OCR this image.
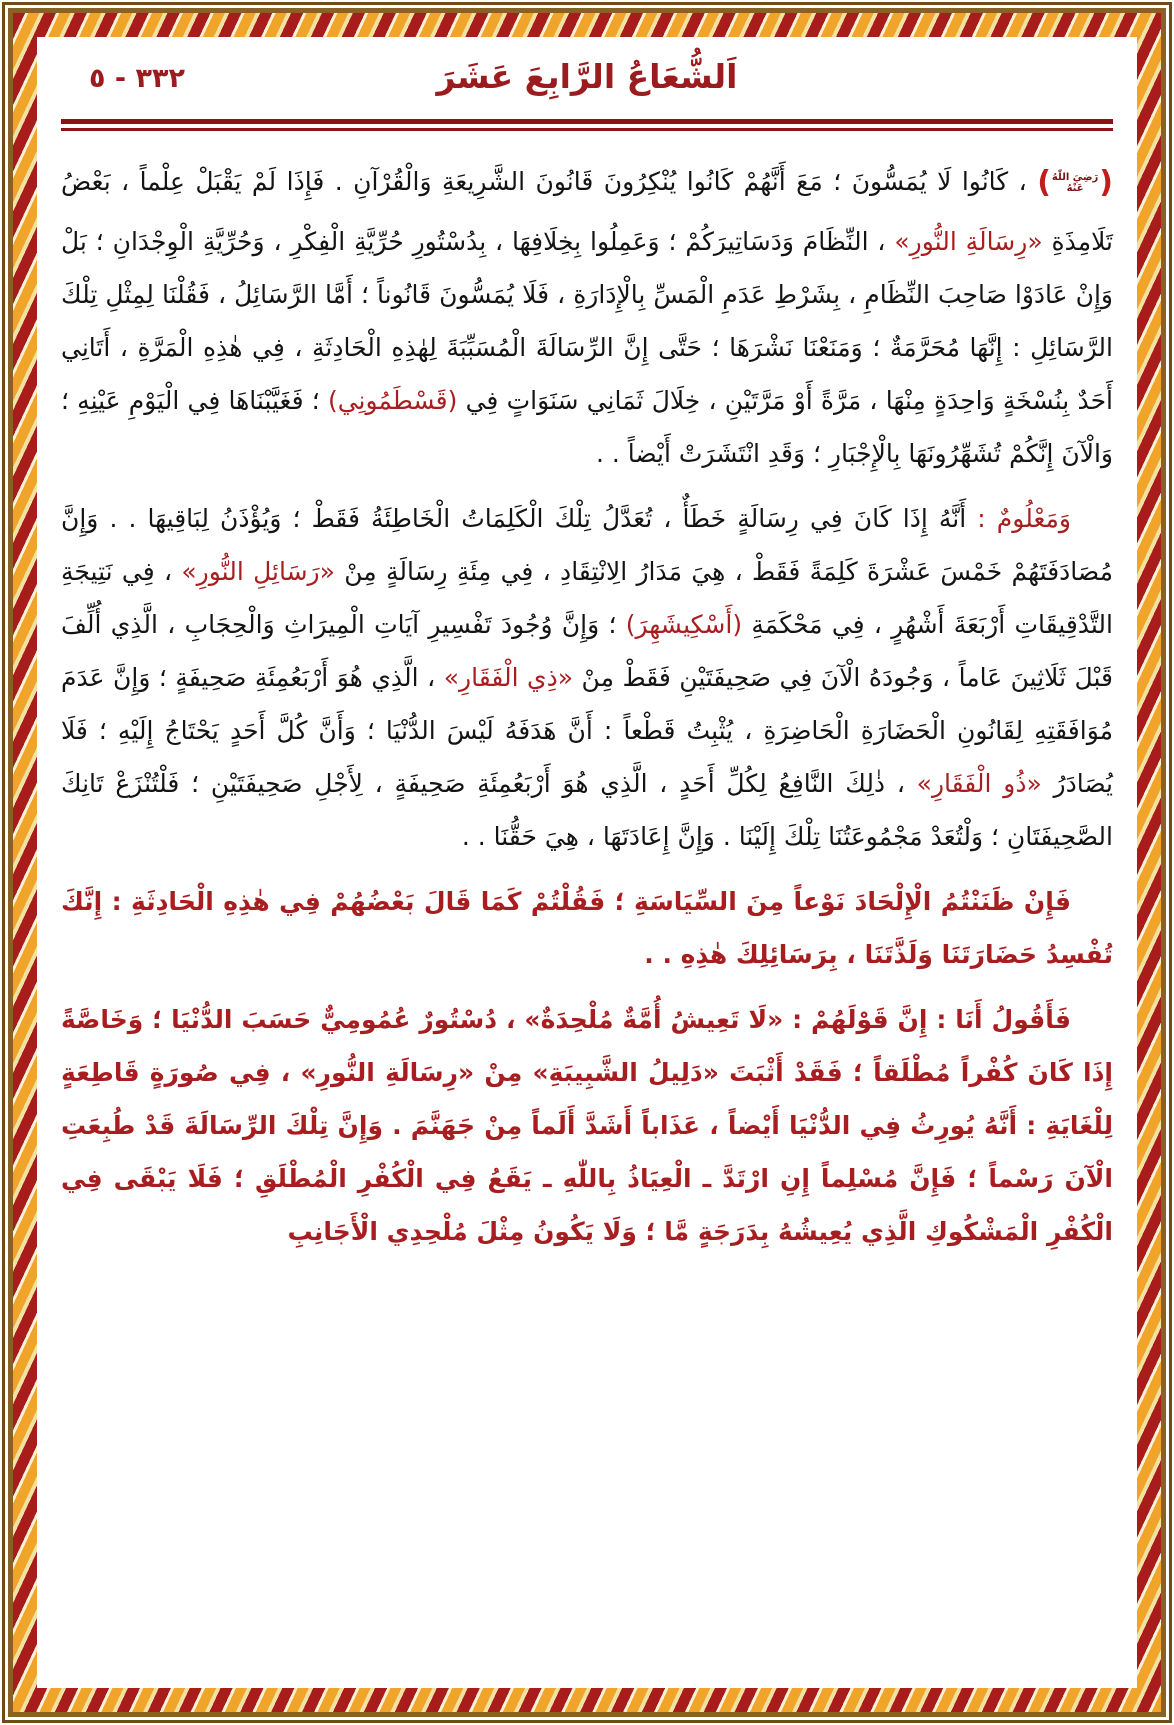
اَلشُّعَاعُ الرَّابِعَ عَشَرَ
٣٣٢ - ٥

(
رَضِيَ اللّٰهُ
عَنْهُ
) ، كَانُوا لَا يُمَسُّونَ ؛ مَعَ أَنَّهُمْ كَانُوا يُنْكِرُونَ قَانُونَ الشَّرِيعَةِ وَالْقُرْآنِ . فَإِذَا لَمْ يَقْبَلْ عِلْماً ، بَعْضُ تَلَامِذَةِ «رِسَالَةِ النُّورِ» ، النِّظَامَ وَدَسَاتِيرَكُمْ ؛ وَعَمِلُوا بِخِلَافِهَا ، بِدُسْتُورِ حُرِّيَّةِ الْفِكْرِ ، وَحُرِّيَّةِ الْوِجْدَانِ ؛ بَلْ وَإِنْ عَادَوْا صَاحِبَ النِّظَامِ ، بِشَرْطِ عَدَمِ الْمَسِّ بِالْإِدَارَةِ ، فَلَا يُمَسُّونَ قَانُوناً ؛ أَمَّا الرَّسَائِلُ ، فَقُلْنَا لِمِثْلِ تِلْكَ الرَّسَائِلِ : إِنَّهَا مُحَرَّمَةٌ ؛ وَمَنَعْنَا نَشْرَهَا ؛ حَتَّى إِنَّ الرِّسَالَةَ الْمُسَبِّبَةَ لِهٰذِهِ الْحَادِثَةِ ، فِي هٰذِهِ الْمَرَّةِ ، أَتَانِي أَحَدٌ بِنُسْخَةٍ وَاحِدَةٍ مِنْهَا ، مَرَّةً أَوْ مَرَّتَيْنِ ، خِلَالَ ثَمَانِي سَنَوَاتٍ فِي (قَسْطَمُونِي) ؛ فَغَيَّبْنَاهَا فِي الْيَوْمِ عَيْنِهِ ؛ وَالْآنَ إِنَّكُمْ تُشَهِّرُونَهَا بِالْإِجْبَارِ ؛ وَقَدِ انْتَشَرَتْ أَيْضاً . .

وَمَعْلُومٌ : أَنَّهُ إِذَا كَانَ فِي رِسَالَةٍ خَطَأٌ ، تُعَدَّلُ تِلْكَ الْكَلِمَاتُ الْخَاطِئَةُ فَقَطْ ؛ وَيُؤْذَنُ لِبَاقِيهَا . . وَإِنَّ مُصَادَفَتَهُمْ خَمْسَ عَشْرَةَ كَلِمَةً فَقَطْ ، هِيَ مَدَارُ الِانْتِقَادِ ، فِي مِئَةِ رِسَالَةٍ مِنْ «رَسَائِلِ النُّورِ» ، فِي نَتِيجَةِ التَّدْقِيقَاتِ أَرْبَعَةَ أَشْهُرٍ ، فِي مَحْكَمَةِ (أَسْكِيشَهِرَ) ؛ وَإِنَّ وُجُودَ تَفْسِيرِ آيَاتِ الْمِيرَاثِ وَالْحِجَابِ ، الَّذِي أُلِّفَ قَبْلَ ثَلَاثِينَ عَاماً ، وَجُودَهُ الْآنَ فِي صَحِيفَتَيْنِ فَقَطْ مِنْ «ذِي الْفَقَارِ» ، الَّذِي هُوَ أَرْبَعُمِئَةِ صَحِيفَةٍ ؛ وَإِنَّ عَدَمَ مُوَافَقَتِهِ لِقَانُونِ الْحَضَارَةِ الْحَاضِرَةِ ، يُثْبِتُ قَطْعاً : أَنَّ هَدَفَهُ لَيْسَ الدُّنْيَا ؛ وَأَنَّ كُلَّ أَحَدٍ يَحْتَاجُ إِلَيْهِ ؛ فَلَا يُصَادَرُ «ذُو الْفَقَارِ» ، ذٰلِكَ النَّافِعُ لِكُلِّ أَحَدٍ ، الَّذِي هُوَ أَرْبَعُمِئَةِ صَحِيفَةٍ ، لِأَجْلِ صَحِيفَتَيْنِ ؛ فَلْتُنْزَعْ تَانِكَ الصَّحِيفَتَانِ ؛ وَلْتُعَدْ مَجْمُوعَتُنَا تِلْكَ إِلَيْنَا . وَإِنَّ إِعَادَتَهَا ، هِيَ حَقُّنَا . .

فَإِنْ ظَنَنْتُمُ الْإِلْحَادَ نَوْعاً مِنَ السِّيَاسَةِ ؛ فَقُلْتُمْ كَمَا قَالَ بَعْضُهُمْ فِي هٰذِهِ الْحَادِثَةِ : إِنَّكَ تُفْسِدُ حَضَارَتَنَا وَلَذَّتَنَا ، بِرَسَائِلِكَ هٰذِهِ . .

فَأَقُولُ أَنَا : إِنَّ قَوْلَهُمْ : «لَا تَعِيشُ أُمَّةٌ مُلْحِدَةٌ» ، دُسْتُورٌ عُمُومِيٌّ حَسَبَ الدُّنْيَا ؛ وَخَاصَّةً إِذَا كَانَ كُفْراً مُطْلَقاً ؛ فَقَدْ أَثْبَتَ «دَلِيلُ الشَّبِيبَةِ» مِنْ «رِسَالَةِ النُّورِ» ، فِي صُورَةٍ قَاطِعَةٍ لِلْغَايَةِ : أَنَّهُ يُورِثُ فِي الدُّنْيَا أَيْضاً ، عَذَاباً أَشَدَّ أَلَماً مِنْ جَهَنَّمَ . وَإِنَّ تِلْكَ الرِّسَالَةَ قَدْ طُبِعَتِ الْآنَ رَسْماً ؛ فَإِنَّ مُسْلِماً إِنِ ارْتَدَّ ـ الْعِيَاذُ بِاللّٰهِ ـ يَقَعُ فِي الْكُفْرِ الْمُطْلَقِ ؛ فَلَا يَبْقَى فِي الْكُفْرِ الْمَشْكُوكِ الَّذِي يُعِيشُهُ بِدَرَجَةٍ مَّا ؛ وَلَا يَكُونُ مِثْلَ مُلْحِدِي الْأَجَانِبِ
